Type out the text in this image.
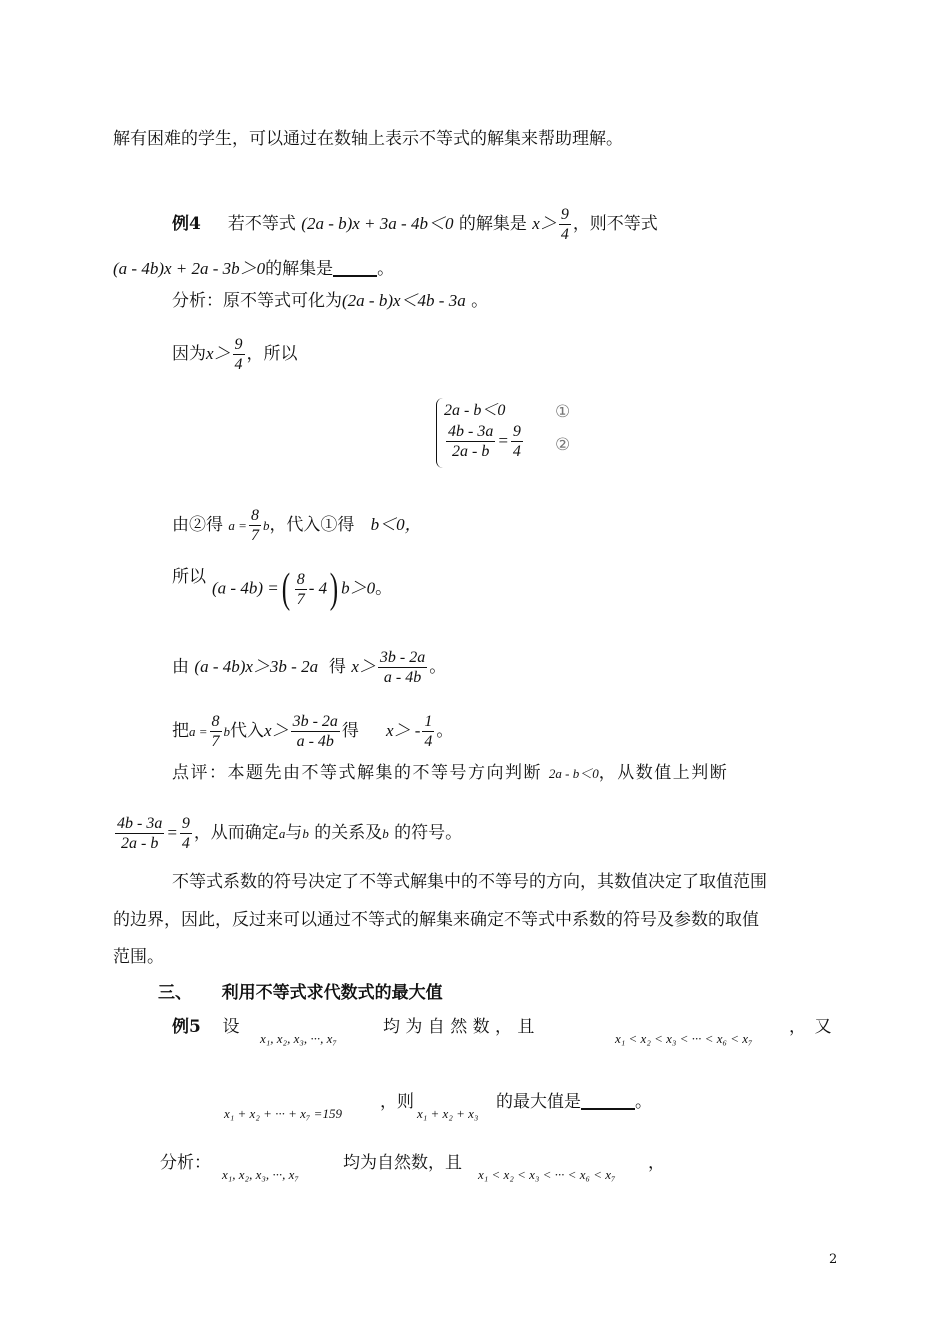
解有困难的学生，可以通过在数轴上表示不等式的解集来帮助理解。
例4 若不等式 (2a - b)x + 3a - 4b＜0 的解集是 $x> \frac{9}{4}$ ，则不等式
(a - 4b)x + 2a - 3b＞0的解集是	。
分析：原不等式可化为(2a - b)x＜4b - 3a 。
因为$x> \frac{9}{4}$ ，所以
2a - b＜0
$\frac{4b - 3a}{2a - b} = \frac{9}{4}$
①
②
由②得 $a = \frac{8}{7}$ b，代入①得 b＜0，
所以
(a - 4b) =( $\frac{8}{7} - 4$) b＞0。
由 (a - 4b)x＞3b - 2a 得 $x> \frac{3b - 2a}{a - 4b}$ 。
把$a = \frac{8}{7}$ b代入$x> \frac{3b - 2a}{a - 4b}$ 得 $x> - \frac{1}{4}$ 。
点评：本题先由不等式解集的不等号方向判断 2a - b＜0，从数值上判断
$\frac{4b - 3a}{2a - b} = \frac{9}{4}$ ，从而确定a与b 的关系及b 的符号。
不等式系数的符号决定了不等式解集中的不等号的方向，其数值决定了取值范围
的边界，因此，反过来可以通过不等式的解集来确定不等式中系数的符号及参数的取值
范围。
三、 利用不等式求代数式的最大值
例5 设
x₁, x₂, x₃, ···, x₇
均 为 自 然 数 ， 且
x₁ < x₂ < x₃ < ··· < x₆ < x₇
，　又
x₁ + x₂ + ··· + x₇ =159
，则
x₁ + x₂ + x₃
的最大值是	。
分析：
x₁, x₂, x₃, ···, x₇
均为自然数，且
x₁ < x₂ < x₃ < ··· < x₆ < x₇
，
2
